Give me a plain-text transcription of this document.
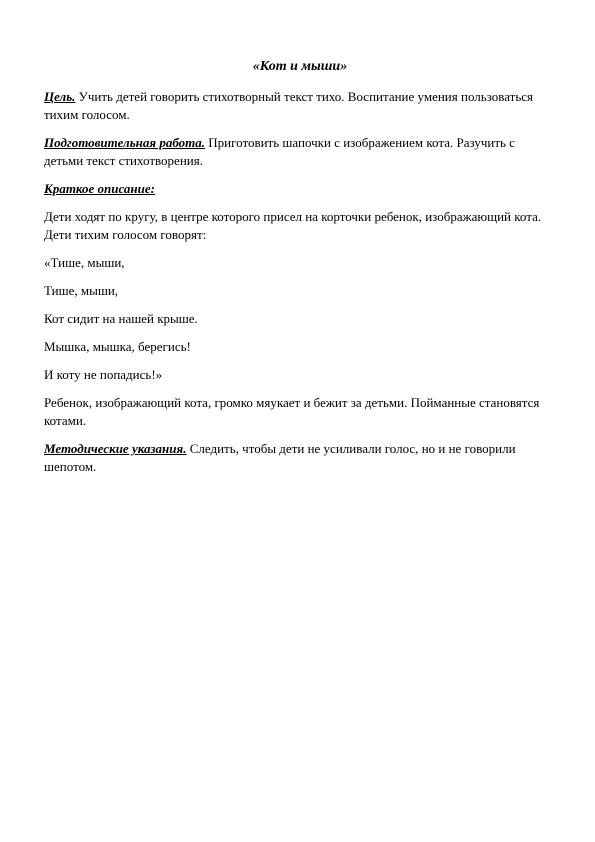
«Кот и мыши»

Цель. Учить детей говорить стихотворный текст тихо. Воспитание умения пользоваться тихим голосом.

Подготовительная работа. Приготовить шапочки с изображением кота. Разучить с детьми текст стихотворения.

Краткое описание:

Дети ходят по кругу, в центре которого присел на корточки ребенок, изображающий кота. Дети тихим голосом говорят:

«Тише, мыши,

Тише, мыши,

Кот сидит на нашей крыше.

Мышка, мышка, берегись!

И коту не попадись!»

Ребенок, изображающий кота, громко мяукает и бежит за детьми. Пойманные становятся котами.

Методические указания. Следить, чтобы дети не усиливали голос, но и не говорили шепотом.
